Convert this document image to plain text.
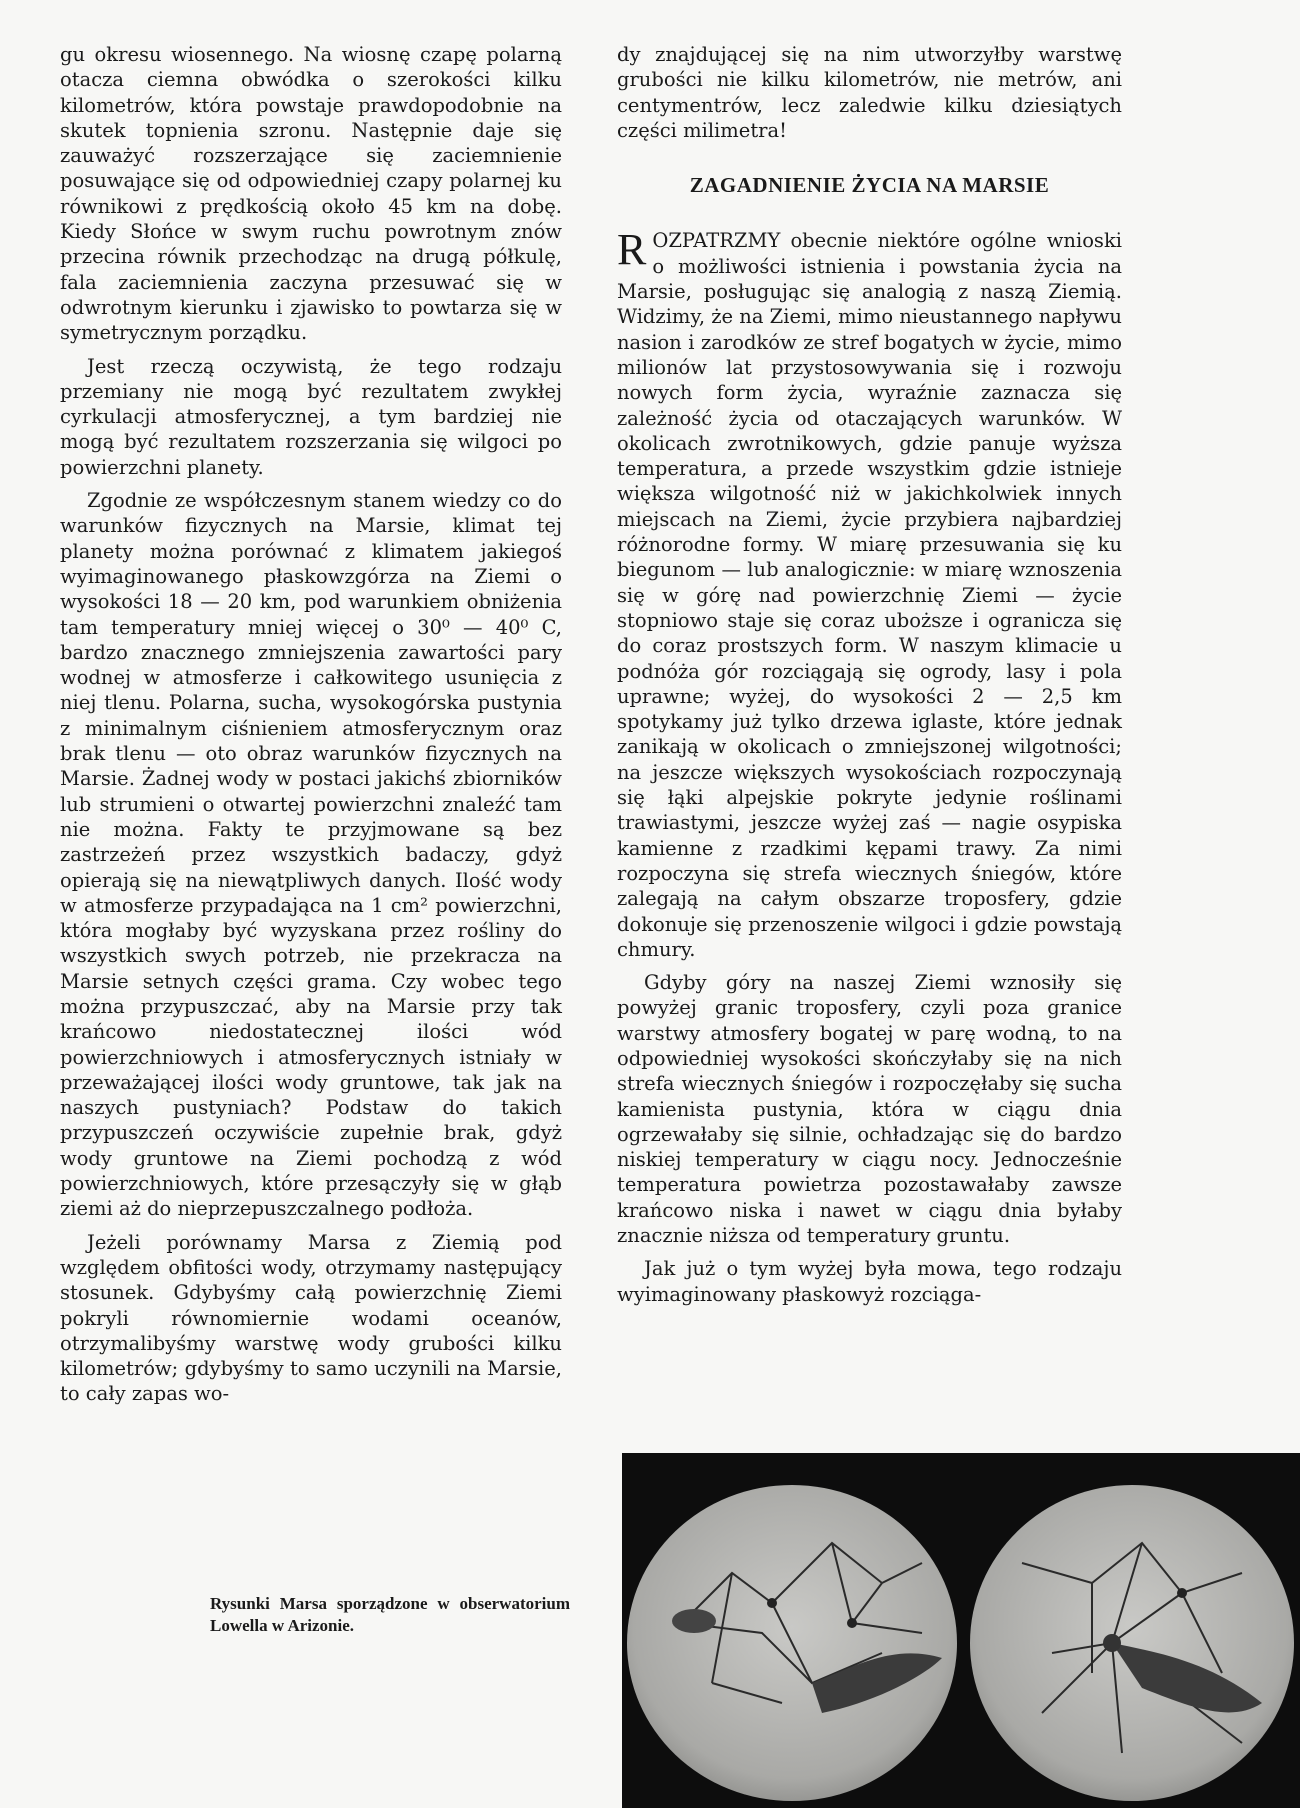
gu okresu wiosennego. Na wiosnę czapę polarną otacza ciemna obwódka o szerokości kilku kilometrów, która powstaje prawdopodobnie na skutek topnienia szronu. Następnie daje się zauważyć rozszerzające się zaciemnienie posuwające się od odpowiedniej czapy polarnej ku równikowi z prędkością około 45 km na dobę. Kiedy Słońce w swym ruchu powrotnym znów przecina równik przechodząc na drugą półkulę, fala zaciemnienia zaczyna przesuwać się w odwrotnym kierunku i zjawisko to powtarza się w symetrycznym porządku.

Jest rzeczą oczywistą, że tego rodzaju przemiany nie mogą być rezultatem zwykłej cyrkulacji atmosferycznej, a tym bardziej nie mogą być rezultatem rozszerzania się wilgoci po powierzchni planety.

Zgodnie ze współczesnym stanem wiedzy co do warunków fizycznych na Marsie, klimat tej planety można porównać z klimatem jakiegoś wyimaginowanego płaskowzgórza na Ziemi o wysokości 18 — 20 km, pod warunkiem obniżenia tam temperatury mniej więcej o 30⁰ — 40⁰ C, bardzo znacznego zmniejszenia zawartości pary wodnej w atmosferze i całkowitego usunięcia z niej tlenu. Polarna, sucha, wysokogórska pustynia z minimalnym ciśnieniem atmosferycznym oraz brak tlenu — oto obraz warunków fizycznych na Marsie. Żadnej wody w postaci jakichś zbiorników lub strumieni o otwartej powierzchni znaleźć tam nie można. Fakty te przyjmowane są bez zastrzeżeń przez wszystkich badaczy, gdyż opierają się na niewątpliwych danych. Ilość wody w atmosferze przypadająca na 1 cm² powierzchni, która mogłaby być wyzyskana przez rośliny do wszystkich swych potrzeb, nie przekracza na Marsie setnych części grama. Czy wobec tego można przypuszczać, aby na Marsie przy tak krańcowo niedostatecznej ilości wód powierzchniowych i atmosferycznych istniały w przeważającej ilości wody gruntowe, tak jak na naszych pustyniach? Podstaw do takich przypuszczeń oczywiście zupełnie brak, gdyż wody gruntowe na Ziemi pochodzą z wód powierzchniowych, które przesączyły się w głąb ziemi aż do nieprzepuszczalnego podłoża.

Jeżeli porównamy Marsa z Ziemią pod względem obfitości wody, otrzymamy następujący stosunek. Gdybyśmy całą powierzchnię Ziemi pokryli równomiernie wodami oceanów, otrzymalibyśmy warstwę wody grubości kilku kilometrów; gdybyśmy to samo uczynili na Marsie, to cały zapas wo-

dy znajdującej się na nim utworzyłby warstwę grubości nie kilku kilometrów, nie metrów, ani centymentrów, lecz zaledwie kilku dziesiątych części milimetra!

ZAGADNIENIE ŻYCIA NA MARSIE

ROZPATRZMY obecnie niektóre ogólne wnioski o możliwości istnienia i powstania życia na Marsie, posługując się analogią z naszą Ziemią. Widzimy, że na Ziemi, mimo nieustannego napływu nasion i zarodków ze stref bogatych w życie, mimo milionów lat przystosowywania się i rozwoju nowych form życia, wyraźnie zaznacza się zależność życia od otaczających warunków. W okolicach zwrotnikowych, gdzie panuje wyższa temperatura, a przede wszystkim gdzie istnieje większa wilgotność niż w jakichkolwiek innych miejscach na Ziemi, życie przybiera najbardziej różnorodne formy. W miarę przesuwania się ku biegunom — lub analogicznie: w miarę wznoszenia się w górę nad powierzchnię Ziemi — życie stopniowo staje się coraz uboższe i ogranicza się do coraz prostszych form. W naszym klimacie u podnóża gór rozciągają się ogrody, lasy i pola uprawne; wyżej, do wysokości 2 — 2,5 km spotykamy już tylko drzewa iglaste, które jednak zanikają w okolicach o zmniejszonej wilgotności; na jeszcze większych wysokościach rozpoczynają się łąki alpejskie pokryte jedynie roślinami trawiastymi, jeszcze wyżej zaś — nagie osypiska kamienne z rzadkimi kępami trawy. Za nimi rozpoczyna się strefa wiecznych śniegów, które zalegają na całym obszarze troposfery, gdzie dokonuje się przenoszenie wilgoci i gdzie powstają chmury.

Gdyby góry na naszej Ziemi wznosiły się powyżej granic troposfery, czyli poza granice warstwy atmosfery bogatej w parę wodną, to na odpowiedniej wysokości skończyłaby się na nich strefa wiecznych śniegów i rozpoczęłaby się sucha kamienista pustynia, która w ciągu dnia ogrzewałaby się silnie, ochładzając się do bardzo niskiej temperatury w ciągu nocy. Jednocześnie temperatura powietrza pozostawałaby zawsze krańcowo niska i nawet w ciągu dnia byłaby znacznie niższa od temperatury gruntu.

Jak już o tym wyżej była mowa, tego rodzaju wyimaginowany płaskowyż rozciąga-

Rysunki Marsa sporządzone w obserwatorium Lowella w Arizonie.
